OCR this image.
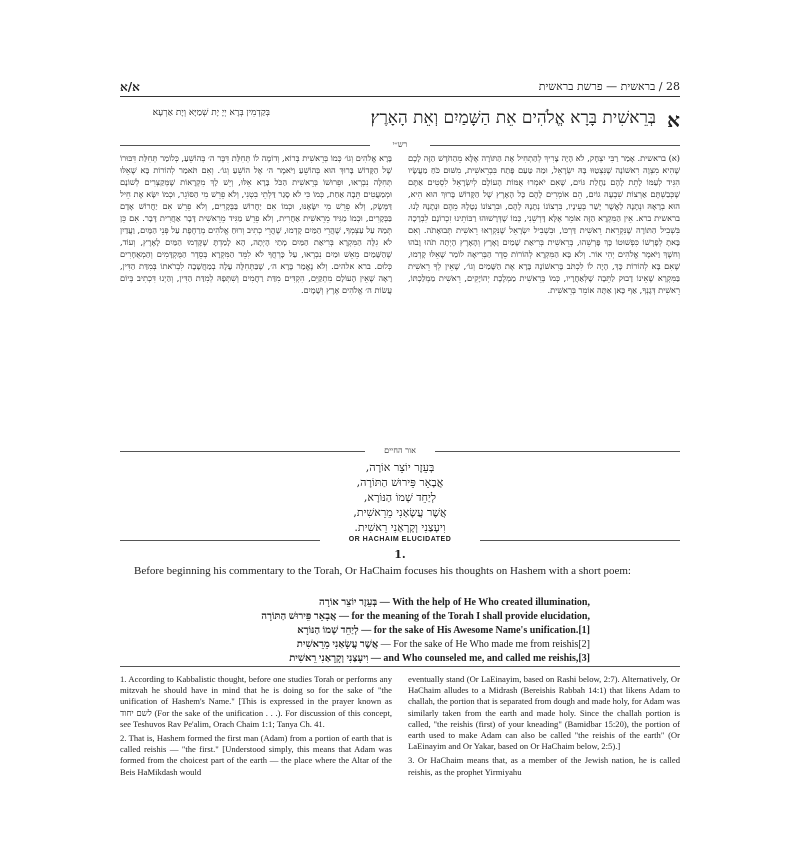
א/א	28 / בראשית — פרשת בראשית
א
בְּרֵאשִׁית בָּרָא אֱלֹהִים אֵת הַשָּׁמַיִם וְאֵת הָאָרֶץ׃
בְּקַדְמִין בְּרָא יְיָ יָת שְׁמַיָּא וְיָת אַרְעָא׃
רש״י
(א) בראשית. אָמַר רַבִּי יִצְחָק, לֹא הָיָה צָרִיךְ לְהַתְחִיל אֶת הַתּוֹרָה אֶלָּא מֵהַחֹדֶשׁ הַזֶּה לָכֶם שֶׁהִיא מִצְוָה רִאשׁוֹנָה שֶׁנִּצְטַוּוּ בָּהּ יִשְׂרָאֵל, וּמַה טַּעַם פָּתַח בִּבְרֵאשִׁית, מִשּׁוּם כֹּחַ מַעֲשָׂיו הִגִּיד לְעַמּוֹ לָתֵת לָהֶם נַחֲלַת גּוֹיִם, שֶׁאִם יֹאמְרוּ אֻמּוֹת הָעוֹלָם לְיִשְׂרָאֵל לִסְטִים אַתֶּם שֶׁכְּבַשְׁתֶּם אַרְצוֹת שִׁבְעָה גוֹיִם, הֵם אוֹמְרִים לָהֶם כָּל הָאָרֶץ שֶׁל הַקָּדוֹשׁ בָּרוּךְ הוּא הִיא, הוּא בְרָאָהּ וּנְתָנָהּ לַאֲשֶׁר יָשַׁר בְּעֵינָיו, בִּרְצוֹנוֹ נְתָנָהּ לָהֶם, וּבִרְצוֹנוֹ נְטָלָהּ מֵהֶם וּנְתָנָהּ לָנוּ. בראשית ברא. אֵין הַמִּקְרָא הַזֶּה אוֹמֵר אֶלָּא דָּרְשֵׁנִי, כְּמוֹ שֶׁדְּרָשׁוּהוּ רַבּוֹתֵינוּ זִכְרוֹנָם לִבְרָכָה בִּשְׁבִיל הַתּוֹרָה שֶׁנִּקְרֵאת רֵאשִׁית דַּרְכּוֹ, וּבִשְׁבִיל יִשְׂרָאֵל שֶׁנִּקְרְאוּ רֵאשִׁית תְּבוּאָתֹה. וְאִם בָּאתָ לְפָרְשׁוֹ כִּפְשׁוּטוֹ כָּךְ פָּרְשֵׁהוּ, בְּרֵאשִׁית בְּרִיאַת שָׁמַיִם וָאָרֶץ וְהָאָרֶץ הָיְתָה תֹהוּ וָבֹהוּ וְחשֶׁךְ וַיֹּאמֶר אֱלֹהִים יְהִי אוֹר. וְלֹא בָּא הַמִּקְרָא לְהוֹרוֹת סֵדֶר הַבְּרִיאָה לוֹמַר שֶׁאֵלּוּ קָדְמוּ, שֶׁאִם בָּא לְהוֹרוֹת כָּךְ, הָיָה לוֹ לִכְתֹּב בָּרִאשׁוֹנָה בָּרָא אֶת הַשָּׁמַיִם וְגוֹ׳, שֶׁאֵין לְךָ רֵאשִׁית בַּמִּקְרָא שֶׁאֵינוֹ דָבוּק לַתֵּבָה שֶׁלְּאַחֲרָיו, כְּמוֹ בְּרֵאשִׁית מַמְלֶכֶת יְהוֹיָקִים, רֵאשִׁית מַמְלַכְתּוֹ, רֵאשִׁית דְּגָנְךָ, אַף כָּאן אַתָּה אוֹמֵר בְּרֵאשִׁית.
בָּרָא אֱלֹהִים וְגוֹ׳ כְּמוֹ בְּרֵאשִׁית בְּרוֹא, וְדוֹמֶה לוֹ תְּחִלַּת דִּבֶּר ה׳ בְּהוֹשֵׁעַ, כְּלוֹמַר תְּחִלַּת דִּבּוּרוֹ שֶׁל הַקָּדוֹשׁ בָּרוּךְ הוּא בְּהוֹשֵׁעַ וַיֹּאמֶר ה׳ אֶל הוֹשֵׁעַ וְגוֹ׳. וְאִם תֹּאמַר לְהוֹרוֹת בָּא שֶׁאֵלּוּ תְּחִלָּה נִבְרְאוּ, וּפֵרוּשׁוֹ בְּרֵאשִׁית הַכֹּל בָּרָא אֵלּוּ, וְיֵשׁ לָךְ מִקְרָאוֹת שֶׁמְּקַצְּרִים לְשׁוֹנָם וּמְמַעֲטִים תֵּבָה אַחַת, כְּמוֹ כִּי לֹא סָגַר דַּלְתֵי בִטְנִי, וְלֹא פֵרֵשׁ מִי הַסּוֹגֵר, וּכְמוֹ יִשָּׂא אֶת חֵיל דַּמֶּשֶׂק, וְלֹא פֵרֵשׁ מִי יִשָּׂאֶנּוּ, וּכְמוֹ אִם יַחֲרוֹשׁ בַּבְּקָרִים, וְלֹא פֵרֵשׁ אִם יַחֲרוֹשׁ אָדָם בַּבְּקָרִים, וּכְמוֹ מַגִּיד מֵרֵאשִׁית אַחֲרִית, וְלֹא פֵרֵשׁ מַגִּיד מֵרֵאשִׁית דָּבָר אַחֲרִית דָּבָר. אִם כֵּן תְּמַהּ עַל עַצְמְךָ, שֶׁהֲרֵי הַמַּיִם קָדְמוּ, שֶׁהֲרֵי כְתִיב וְרוּחַ אֱלֹהִים מְרַחֶפֶת עַל פְּנֵי הַמָּיִם, וַעֲדַיִן לֹא גִלָּה הַמִּקְרָא בְּרִיאַת הַמַּיִם מָתַי הָיְתָה, הָא לָמַדְתָּ שֶׁקָּדְמוּ הַמַּיִם לָאָרֶץ, וְעוֹד, שֶׁהַשָּׁמַיִם מֵאֵשׁ וּמַיִם נִבְרְאוּ, עַל כָּרְחֲךָ לֹא לִמֵּד הַמִּקְרָא בְּסֵדֶר הַמֻּקְדָּמִים וְהַמְאֻחָרִים כְּלוּם. ברא אלהים. וְלֹא נֶאֱמַר בָּרָא ה׳, שֶׁבַּתְּחִלָּה עָלָה בְמַחֲשָׁבָה לִבְרֹאתוֹ בְּמִדַּת הַדִּין, רָאָה שֶׁאֵין הָעוֹלָם מִתְקַיֵּם, הִקְדִּים מִדַּת רַחֲמִים וְשִׁתְּפָהּ לְמִדַּת הַדִּין, וְהַיְנוּ דִּכְתִיב בְּיוֹם עֲשׂוֹת ה׳ אֱלֹהִים אֶרֶץ וְשָׁמָיִם.
אור החיים
בְּעֵזֶר יוֹצֵר אוֹרָה,
אֲבָאֵר פֵּירוּשׁ הַתּוֹרָה,
לְיַחֵד שְׁמוֹ הַנּוֹרָא,
אֲשֶׁר עֲשָׂאַנִי מֵרֵאשִׁית,
וִיעָצַנִי וְקָרָאַנִי רֵאשִׁית.
OR HACHAIM ELUCIDATED
1.
Before beginning his commentary to the Torah, Or HaChaim focuses his thoughts on Hashem with a short poem:
בְּעֵזֶר יוֹצֵר אוֹרָה — With the help of He Who created illumination,
אֲבָאֵר פֵּירוּשׁ הַתּוֹרָה — for the meaning of the Torah I shall provide elucidation,
לְיַחֵד שְׁמוֹ הַנּוֹרָא — for the sake of His Awesome Name's unification.[1]
אֲשֶׁר עֲשָׂאַנִי מֵרֵאשִׁית — For the sake of He Who made me from reishis[2]
וִיעָצַנִי וְקָרָאַנִי רֵאשִׁית — and Who counseled me, and called me reishis,[3]

1. According to Kabbalistic thought, before one studies Torah or performs any mitzvah he should have in mind that he is doing so for the sake of "the unification of Hashem's Name." [This is expressed in the prayer known as לשם יחוד (For the sake of the unification . . .). For discussion of this concept, see Teshuvos Rav Pe'alim, Orach Chaim 1:1; Tanya Ch. 41.

2. That is, Hashem formed the first man (Adam) from a portion of earth that is called reishis — "the first." [Understood simply, this means that Adam was formed from the choicest part of the earth — the place where the Altar of the Beis HaMikdash would

eventually stand (Or LaEinayim, based on Rashi below, 2:7). Alternatively, Or HaChaim alludes to a Midrash (Bereishis Rabbah 14:1) that likens Adam to challah, the portion that is separated from dough and made holy, for Adam was similarly taken from the earth and made holy. Since the challah portion is called, "the reishis (first) of your kneading" (Bamidbar 15:20), the portion of earth used to make Adam can also be called "the reishis of the earth" (Or LaEinayim and Or Yakar, based on Or HaChaim below, 2:5).]

3. Or HaChaim means that, as a member of the Jewish nation, he is called reishis, as the prophet Yirmiyahu
